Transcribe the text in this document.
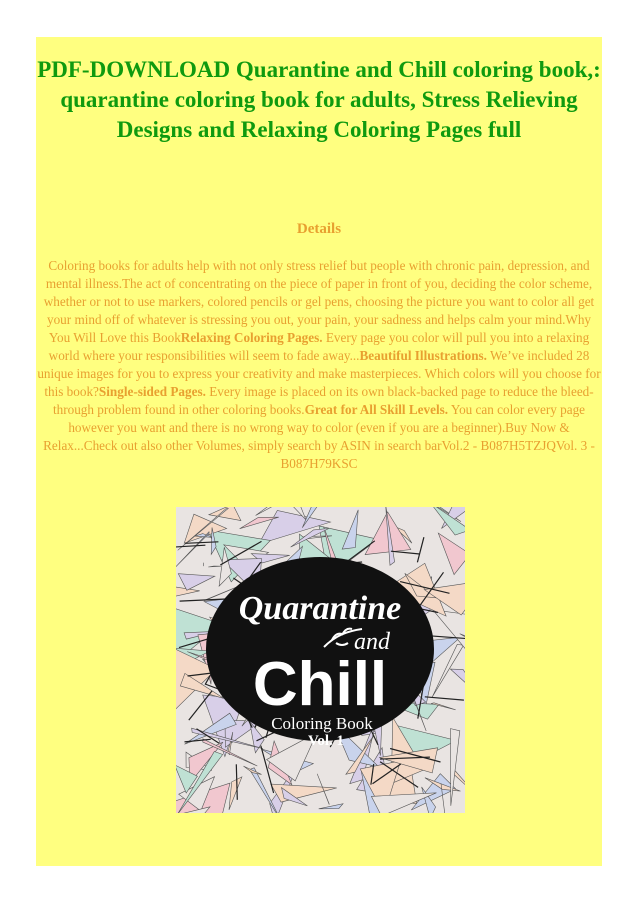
PDF-DOWNLOAD Quarantine and Chill coloring book,: quarantine coloring book for adults, Stress Relieving Designs and Relaxing Coloring Pages full
Details

Coloring books for adults help with not only stress relief but people with chronic pain, depression, and mental illness.The act of concentrating on the piece of paper in front of you, deciding the color scheme, whether or not to use markers, colored pencils or gel pens, choosing the picture you want to color all get your mind off of whatever is stressing you out, your pain, your sadness and helps calm your mind.Why You Will Love this BookRelaxing Coloring Pages. Every page you color will pull you into a relaxing world where your responsibilities will seem to fade away...Beautiful Illustrations. We’ve included 28 unique images for you to express your creativity and make masterpieces. Which colors will you choose for this book?Single-sided Pages. Every image is placed on its own black-backed page to reduce the bleed-through problem found in other coloring books.Great for All Skill Levels. You can color every page however you want and there is no wrong way to color (even if you are a beginner).Buy Now & Relax...Check out also other Volumes, simply search by ASIN in search barVol.2 - B087H5TZJQVol. 3 - B087H79KSC

Quarantine
and
Chill
Coloring Book
Vol. 1
